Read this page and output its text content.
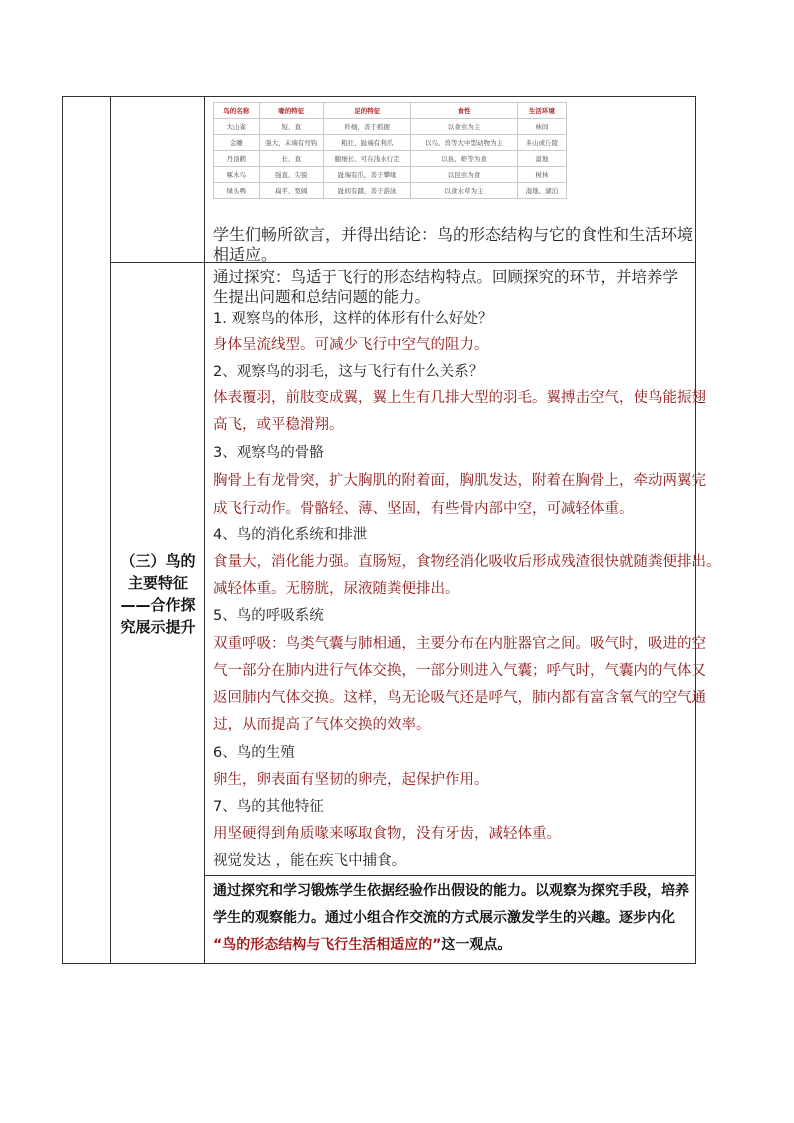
鸟的名称	喙的特征	足的特征	食性	生活环境
大山雀	短、直	纤细，善于抓握	以食虫为主	林间
金雕	强大，末端有弯钩	粗壮，趾端有利爪	以鸟、兽等大中型动物为主	多山或丘陵
丹顶鹤	长、直	腿细长、可在浅水行走	以鱼、虾等为食	湿地
啄木鸟	强直、尖锐	趾端有爪，善于攀缘	以昆虫为食	树林
绿头鸭	扁平、宽阔	趾间有蹼，善于游泳	以食水草为主	湿地、湖泊
学生们畅所欲言，并得出结论：鸟的形态结构与它的食性和生活环境
相适应。
（三）鸟的主要特征——合作探究展示提升
通过探究：鸟适于飞行的形态结构特点。回顾探究的环节，并培养学
生提出问题和总结问题的能力。
1. 观察鸟的体形，这样的体形有什么好处？
身体呈流线型。可减少飞行中空气的阻力。
2、观察鸟的羽毛，这与飞行有什么关系？
体表覆羽，前肢变成翼，翼上生有几排大型的羽毛。翼搏击空气，使鸟能振翅
高飞，或平稳滑翔。
3、观察鸟的骨骼
胸骨上有龙骨突，扩大胸肌的附着面，胸肌发达，附着在胸骨上，牵动两翼完
成飞行动作。骨骼轻、薄、坚固，有些骨内部中空，可减轻体重。
4、鸟的消化系统和排泄
食量大，消化能力强。直肠短，食物经消化吸收后形成残渣很快就随粪便排出。
减轻体重。无膀胱，尿液随粪便排出。
5、鸟的呼吸系统
双重呼吸：鸟类气囊与肺相通，主要分布在内脏器官之间。吸气时，吸进的空
气一部分在肺内进行气体交换，一部分则进入气囊；呼气时，气囊内的气体又
返回肺内气体交换。这样，鸟无论吸气还是呼气，肺内都有富含氧气的空气通
过，从而提高了气体交换的效率。
6、鸟的生殖
卵生，卵表面有坚韧的卵壳，起保护作用。
7、鸟的其他特征
用坚硬得到角质喙来啄取食物，没有牙齿，减轻体重。
视觉发达 ，能在疾飞中捕食。
通过探究和学习锻炼学生依据经验作出假设的能力。以观察为探究手段，培养
学生的观察能力。通过小组合作交流的方式展示激发学生的兴趣。逐步内化
“鸟的形态结构与飞行生活相适应的”这一观点。
